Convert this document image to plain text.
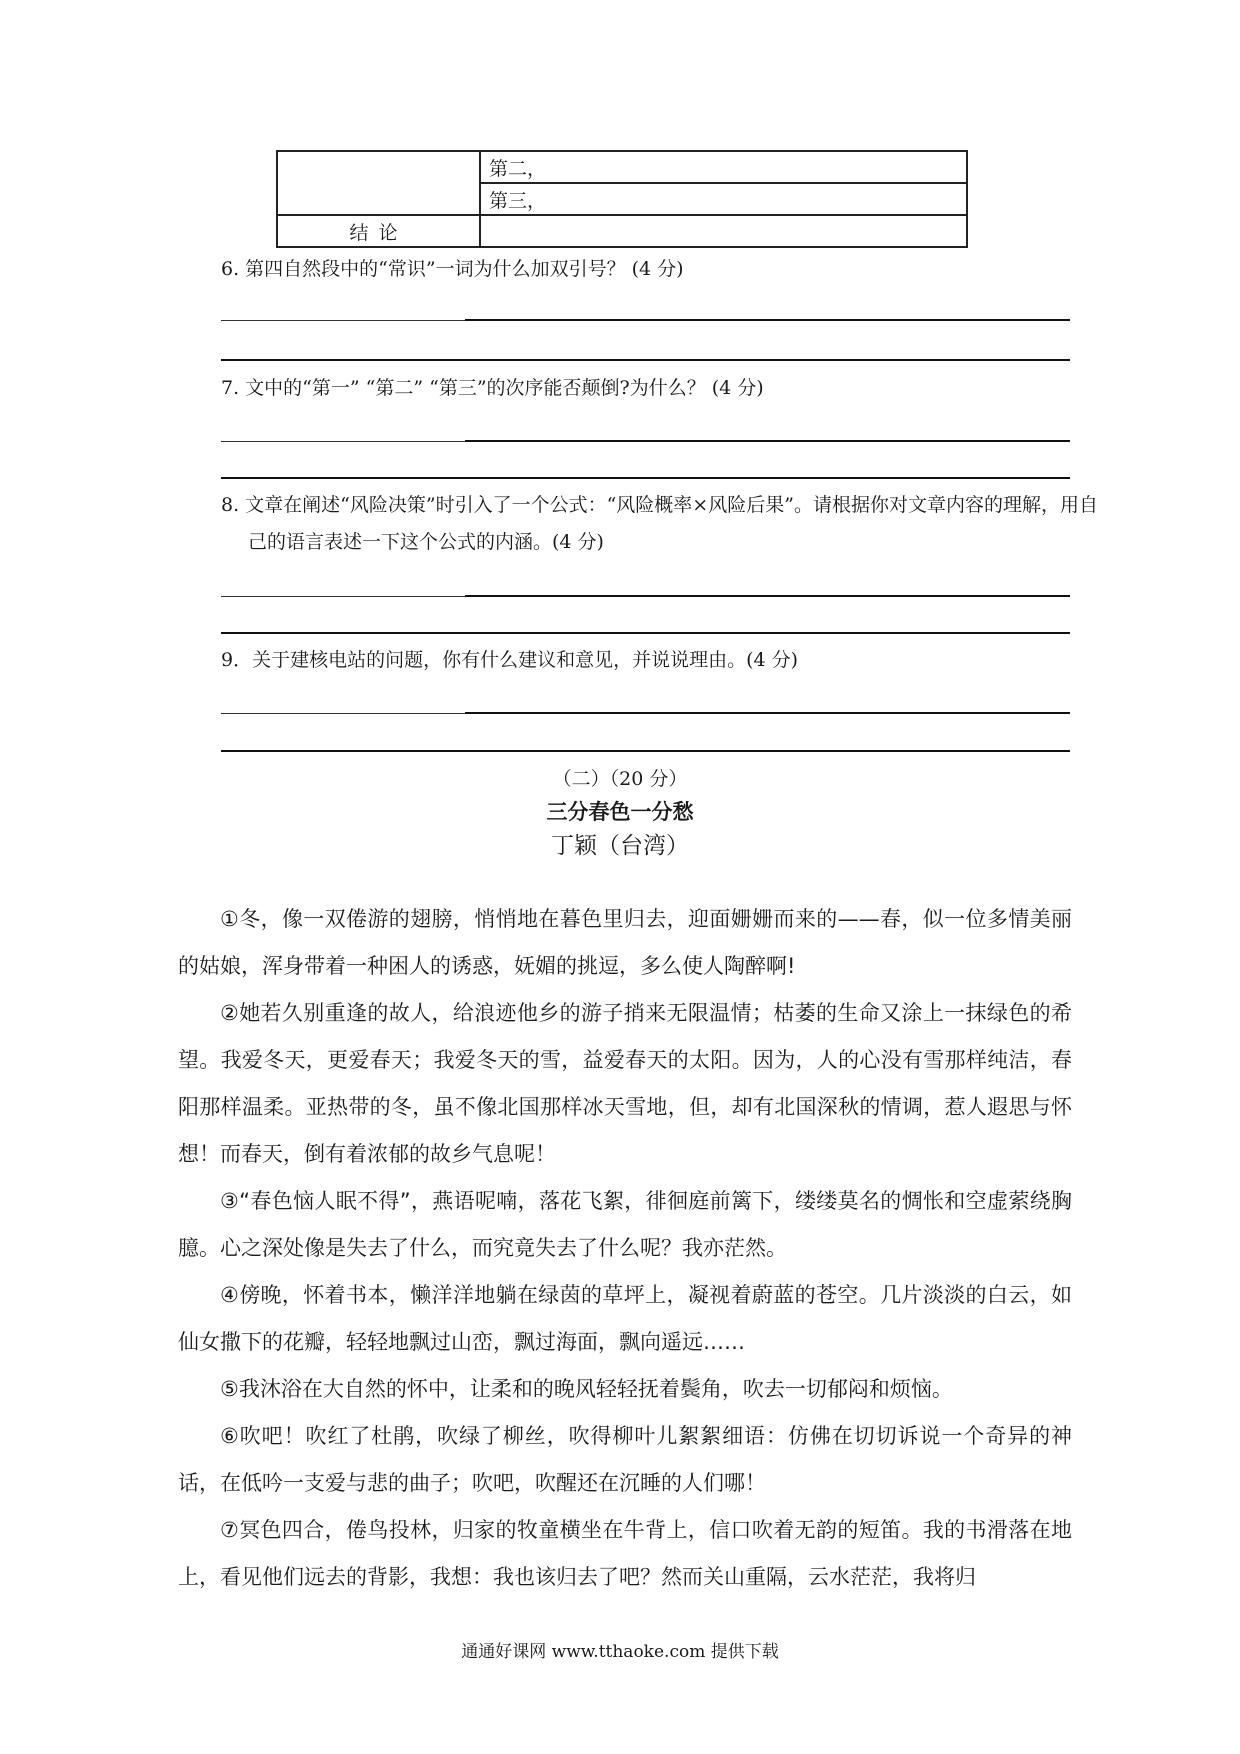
	第二，
	第三，
结论	
6. 第四自然段中的“常识”一词为什么加双引号？ (4 分)
7. 文中的“第一” “第二” “第三”的次序能否颠倒?为什么？ (4 分)
8. 文章在阐述“风险决策”时引入了一个公式：“风险概率×风险后果”。请根据你对文章内容的理解，用自己的语言表述一下这个公式的内涵。(4 分)
9．关于建核电站的问题，你有什么建议和意见，并说说理由。(4 分)
（二）（20 分）
三分春色一分愁
丁颖（台湾）

①冬，像一双倦游的翅膀，悄悄地在暮色里归去，迎面姗姗而来的——春，似一位多情美丽的姑娘，浑身带着一种困人的诱惑，妩媚的挑逗，多么使人陶醉啊!

②她若久别重逢的故人，给浪迹他乡的游子捎来无限温情；枯萎的生命又涂上一抹绿色的希望。我爱冬天，更爱春天；我爱冬天的雪，益爱春天的太阳。因为，人的心没有雪那样纯洁，春阳那样温柔。亚热带的冬，虽不像北国那样冰天雪地，但，却有北国深秋的情调，惹人遐思与怀想！而春天，倒有着浓郁的故乡气息呢！

③“春色恼人眠不得”，燕语呢喃，落花飞絮，徘徊庭前篱下，缕缕莫名的惆怅和空虚萦绕胸臆。心之深处像是失去了什么，而究竟失去了什么呢？我亦茫然。

④傍晚，怀着书本，懒洋洋地躺在绿茵的草坪上，凝视着蔚蓝的苍空。几片淡淡的白云，如仙女撒下的花瓣，轻轻地飘过山峦，飘过海面，飘向遥远……

⑤我沐浴在大自然的怀中，让柔和的晚风轻轻抚着鬓角，吹去一切郁闷和烦恼。

⑥吹吧！吹红了杜鹃，吹绿了柳丝，吹得柳叶儿絮絮细语：仿佛在切切诉说一个奇异的神话，在低吟一支爱与悲的曲子；吹吧，吹醒还在沉睡的人们哪！

⑦冥色四合，倦鸟投林，归家的牧童横坐在牛背上，信口吹着无韵的短笛。我的书滑落在地上，看见他们远去的背影，我想：我也该归去了吧？然而关山重隔，云水茫茫，我将归

通通好课网 www.tthaoke.com 提供下载
